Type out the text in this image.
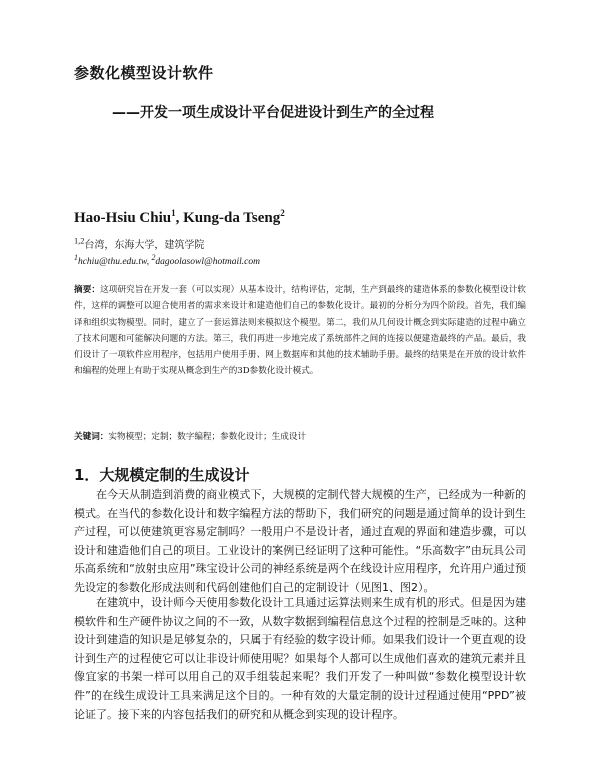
参数化模型设计软件
——开发一项生成设计平台促进设计到生产的全过程

Hao-Hsiu Chiu$^1$, Kung-da Tseng$^2$

$^{1,2}$台湾，东海大学，建筑学院

$^1$hchiu@thu.edu.tw, $^2$dagoolasowl@hotmail.com

摘要：这项研究旨在开发一套（可以实现）从基本设计，结构评估，定制，生产到最终的建造体系的参数化模型设计软件，这样的调整可以迎合使用者的需求来设计和建造他们自己的参数化设计。最初的分析分为四个阶段。首先，我们编译和组织实物模型。同时，建立了一套运算法则来模拟这个模型。第二，我们从几何设计概念到实际建造的过程中确立了技术问题和可能解决问题的方法。第三，我们再进一步地完成了系统部件之间的连接以便建造最终的产品。最后，我们设计了一项软件应用程序，包括用户使用手册、网上数据库和其他的技术辅助手册。最终的结果是在开放的设计软件和编程的处理上有助于实现从概念到生产的3D参数化设计模式。

关键词：实物模型；定制；数字编程；参数化设计；生成设计

1．大规模定制的生成设计

在今天从制造到消费的商业模式下，大规模的定制代替大规模的生产，已经成为一种新的模式。在当代的参数化设计和数字编程方法的帮助下，我们研究的问题是通过简单的设计到生产过程，可以使建筑更容易定制吗？一般用户不是设计者，通过直观的界面和建造步骤，可以设计和建造他们自己的项目。工业设计的案例已经证明了这种可能性。“乐高数字”由玩具公司乐高系统和“放射虫应用”珠宝设计公司的神经系统是两个在线设计应用程序，允许用户通过预先设定的参数化形成法则和代码创建他们自己的定制设计（见图1、图2）。

在建筑中，设计师今天使用参数化设计工具通过运算法则来生成有机的形式。但是因为建模软件和生产硬件协议之间的不一致，从数字数据到编程信息这个过程的控制是乏味的。这种设计到建造的知识是足够复杂的，只属于有经验的数字设计师。如果我们设计一个更直观的设计到生产的过程使它可以让非设计师使用呢？如果每个人都可以生成他们喜欢的建筑元素并且像宜家的书架一样可以用自己的双手组装起来呢？我们开发了一种叫做“参数化模型设计软件”的在线生成设计工具来满足这个目的。一种有效的大量定制的设计过程通过使用“PPD”被论证了。接下来的内容包括我们的研究和从概念到实现的设计程序。
